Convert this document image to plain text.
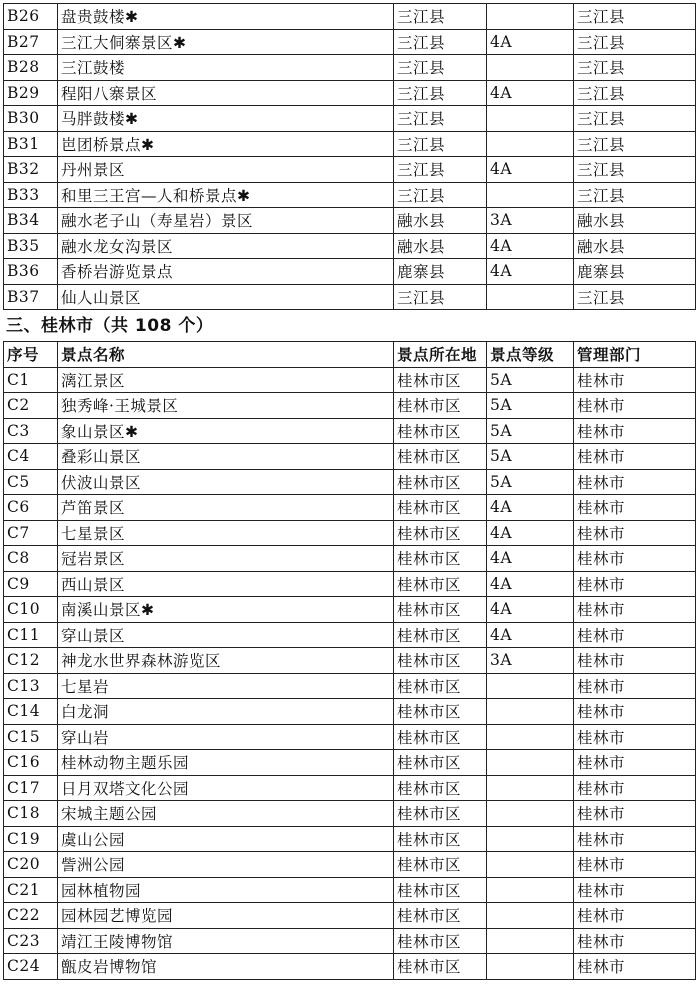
B26	盘贵鼓楼✱	三江县		三江县
B27	三江大侗寨景区✱	三江县	4A	三江县
B28	三江鼓楼	三江县		三江县
B29	程阳八寨景区	三江县	4A	三江县
B30	马胖鼓楼✱	三江县		三江县
B31	岜团桥景点✱	三江县		三江县
B32	丹州景区	三江县	4A	三江县
B33	和里三王宫—人和桥景点✱	三江县		三江县
B34	融水老子山（寿星岩）景区	融水县	3A	融水县
B35	融水龙女沟景区	融水县	4A	融水县
B36	香桥岩游览景点	鹿寨县	4A	鹿寨县
B37	仙人山景区	三江县		三江县
三、桂林市（共 108 个）
序号	景点名称	景点所在地	景点等级	管理部门
C1	漓江景区	桂林市区	5A	桂林市
C2	独秀峰·王城景区	桂林市区	5A	桂林市
C3	象山景区✱	桂林市区	5A	桂林市
C4	叠彩山景区	桂林市区	5A	桂林市
C5	伏波山景区	桂林市区	5A	桂林市
C6	芦笛景区	桂林市区	4A	桂林市
C7	七星景区	桂林市区	4A	桂林市
C8	冠岩景区	桂林市区	4A	桂林市
C9	西山景区	桂林市区	4A	桂林市
C10	南溪山景区✱	桂林市区	4A	桂林市
C11	穿山景区	桂林市区	4A	桂林市
C12	神龙水世界森林游览区	桂林市区	3A	桂林市
C13	七星岩	桂林市区		桂林市
C14	白龙洞	桂林市区		桂林市
C15	穿山岩	桂林市区		桂林市
C16	桂林动物主题乐园	桂林市区		桂林市
C17	日月双塔文化公园	桂林市区		桂林市
C18	宋城主题公园	桂林市区		桂林市
C19	虞山公园	桂林市区		桂林市
C20	訾洲公园	桂林市区		桂林市
C21	园林植物园	桂林市区		桂林市
C22	园林园艺博览园	桂林市区		桂林市
C23	靖江王陵博物馆	桂林市区		桂林市
C24	甑皮岩博物馆	桂林市区		桂林市
